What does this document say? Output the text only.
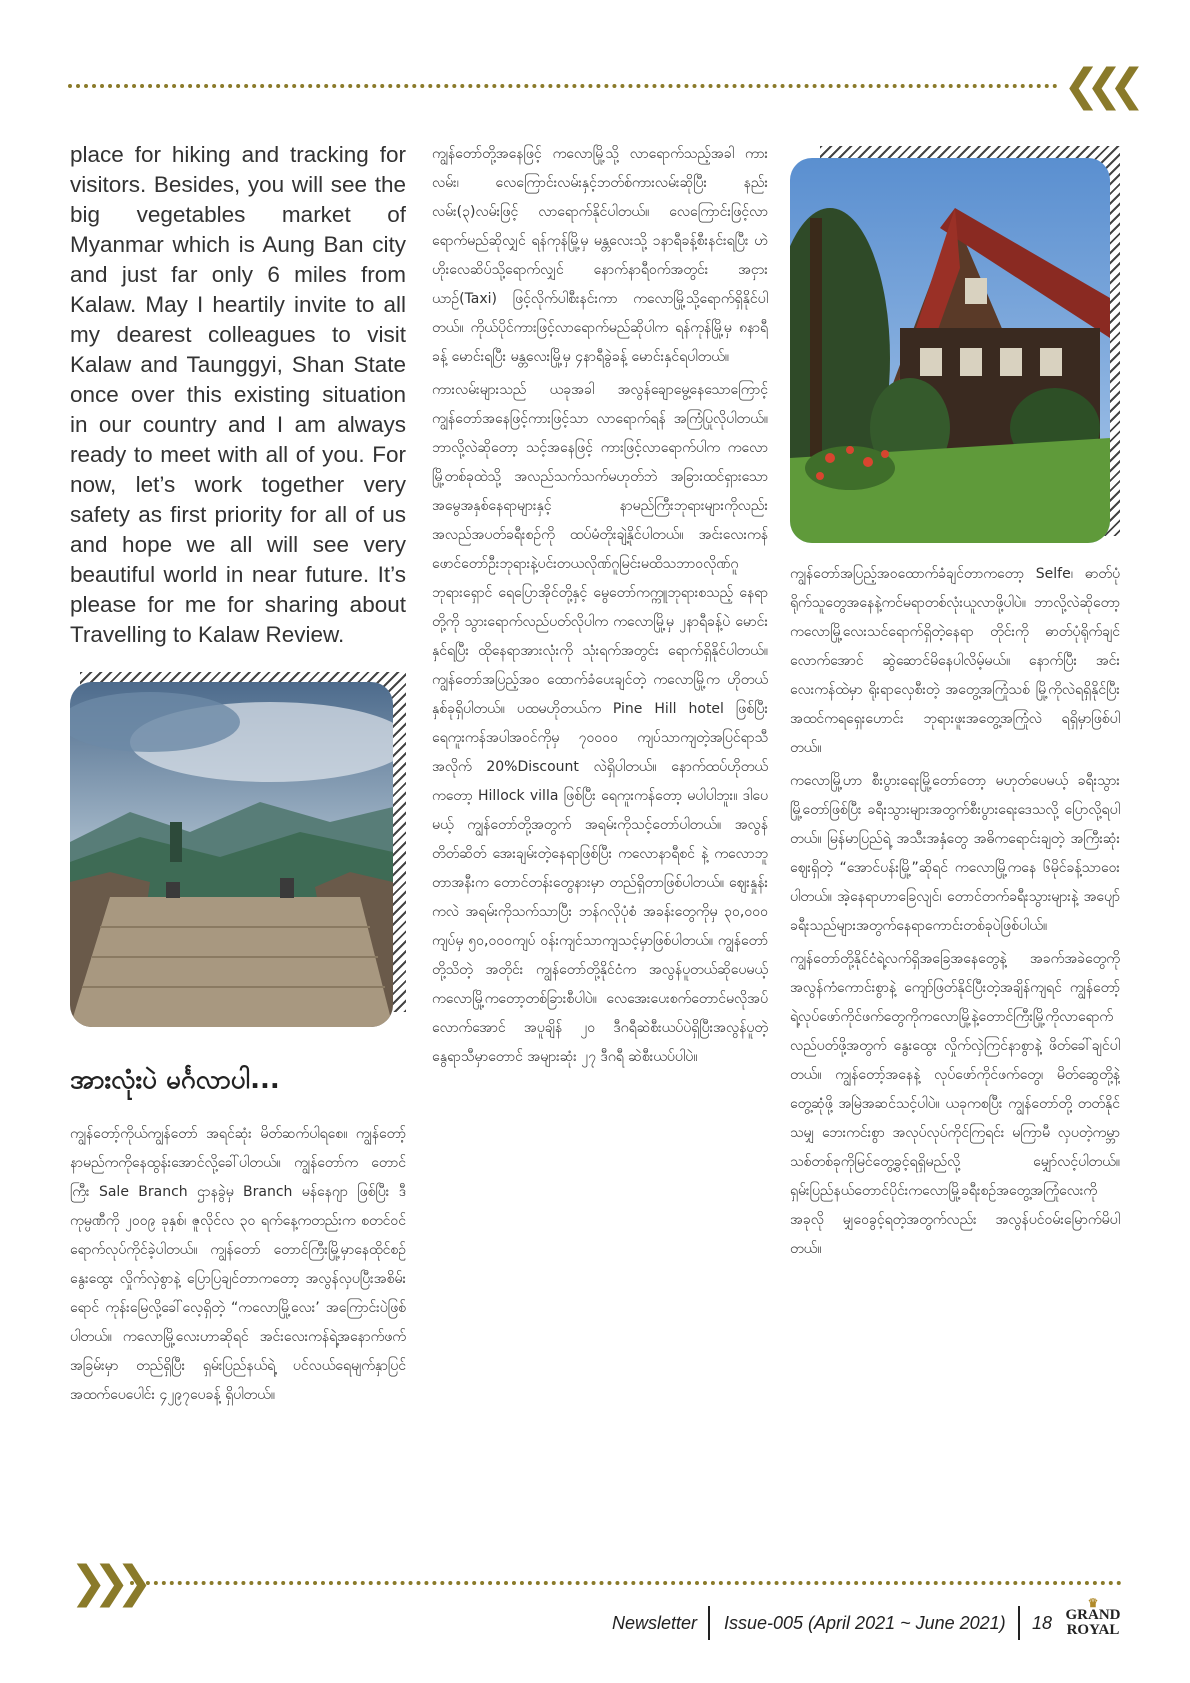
❮❮❮
place for hiking and tracking for visitors. Besides, you will see the big vegetables market of Myanmar which is Aung Ban city and just far only 6 miles from Kalaw. May I heartily invite to all my dearest colleagues to visit Kalaw and Taunggyi, Shan State once over this existing situation in our country and I am always ready to meet with all of you. For now, let’s work together very safety as first priority for all of us and hope we all will see very beautiful world in near future. It’s please for me for sharing about Travelling to Kalaw Review.
အားလုံးပဲ မင်္ဂလာပါ...
ကျွန်တော့်ကိုယ်ကျွန်တော် အရင်ဆုံး မိတ်ဆက်ပါရစေ။ ကျွန်တော့်နာမည်ကကိုနေထွန်းအောင်လို့ခေါ်ပါတယ်။ ကျွန်တော်က တောင်ကြီး Sale Branch ဌာနခွဲမှ Branch မန်နေဂျာ ဖြစ်ပြီး ဒီကုမ္ပဏီကို ၂၀၀၉ ခုနှစ်၊ ဇူလိုင်လ ၃၀ ရက်နေ့ကတည်းက စတင်ဝင်ရောက်လုပ်ကိုင်ခဲ့ပါတယ်။ ကျွန်တော် တောင်ကြီးမြို့မှာနေထိုင်စဉ် နွေးထွေး လှိုက်လှဲစွာနဲ့ ပြောပြချင်တာကတော့ အလွန်လှပပြီးအစိမ်းရောင် ကုန်းမြေလို့ခေါ်လေ့ရှိတဲ့ “ကလောမြို့လေး’ အကြောင်းပဲဖြစ်ပါတယ်။ ကလောမြို့လေးဟာဆိုရင် အင်းလေးကန်ရဲ့အနောက်ဖက်အခြမ်းမှာ တည်ရှိပြီး ရှမ်းပြည်နယ်ရဲ့ ပင်လယ်ရေမျက်နှာပြင်အထက်ပေပေါင်း ၄၂၉၇ပေခန့် ရှိပါတယ်။

ကျွန်တော်တို့အနေဖြင့် ကလောမြို့သို့ လာရောက်သည့်အခါ ကားလမ်း၊ လေကြောင်းလမ်းနှင့်ဘတ်စ်ကားလမ်းဆိုပြီး နည်းလမ်း(၃)လမ်းဖြင့် လာရောက်နိုင်ပါတယ်။ လေကြောင်းဖြင့်လာရောက်မည်ဆိုလျှင် ရန်ကုန်မြို့မှ မန္တလေးသို့ ၁နာရီခန့်စီးနင်းရပြီး ဟဲဟိုးလေဆိပ်သို့ရောက်လျှင် နောက်နာရီဝက်အတွင်း အငှားယာဉ်(Taxi) ဖြင့်လိုက်ပါစီးနင်းကာ ကလောမြို့သို့ရောက်ရှိနိုင်ပါတယ်။ ကိုယ်ပိုင်ကားဖြင့်လာရောက်မည်ဆိုပါက ရန်ကုန်မြို့မှ ၈နာရီခန့် မောင်းရပြီး မန္တလေးမြို့မှ ၄နာရီခွဲခန့် မောင်းနှင်ရပါတယ်။

ကားလမ်းများသည် ယခုအခါ အလွန်ချောမွေ့နေသောကြောင့်ကျွန်တော်အနေဖြင့်ကားဖြင့်သာ လာရောက်ရန် အကြံပြုလိုပါတယ်။ ဘာလို့လဲဆိုတော့ သင့်အနေဖြင့် ကားဖြင့်လာရောက်ပါက ကလောမြို့တစ်ခုထဲသို့ အလည်သက်သက်မဟုတ်ဘဲ အခြားထင်ရှားသောအမွေအနှစ်နေရာများနှင့် နာမည်ကြီးဘုရားများကိုလည်း အလည်အပတ်ခရီးစဉ်ကို ထပ်မံတိုးချဲ့နိုင်ပါတယ်။ အင်းလေးကန်ဖောင်တော်ဦးဘုရားနဲ့ပင်းတယလိုဏ်ဂူမြင်းမထိသဘာဝလိုဏ်ဂူဘုရားရှောင် ရေပြောအိုင်တို့နှင့် မွေတော်ကက္ကူဘုရားစသည့် နေရာတို့ကို သွားရောက်လည်ပတ်လိုပါက ကလောမြို့မှ ၂နာရီခန့်ပဲ မောင်းနှင်ရပြီး ထိုနေရာအားလုံးကို သုံးရက်အတွင်း ရောက်ရှိနိုင်ပါတယ်။ ကျွန်တော်အပြည့်အဝ ထောက်ခံပေးချင်တဲ့ ကလောမြို့က ဟိုတယ်နှစ်ခုရှိပါတယ်။ ပထမဟိုတယ်က Pine Hill hotel ဖြစ်ပြီး ရေကူးကန်အပါအဝင်ကိုမှ ၇၀၀၀၀ ကျပ်သာကျတဲ့အပြင်ရာသီအလိုက် 20%Discount လဲရှိပါတယ်။ နောက်ထပ်ဟိုတယ်ကတော့ Hillock villa ဖြစ်ပြီး ရေကူးကန်တော့ မပါပါဘူး။ ဒါပေမယ့် ကျွန်တော်တို့အတွက် အရမ်းကိုသင့်တော်ပါတယ်။ အလွန်တိတ်ဆိတ် အေးချမ်းတဲ့နေရာဖြစ်ပြီး ကလောနာရီစင် နဲ့ ကလောဘူတာအနီးက တောင်တန်းတွေနားမှာ တည်ရှိတာဖြစ်ပါတယ်။ ဈေးနှုန်းကလဲ အရမ်းကိုသက်သာပြီး ဘန်ဂလိုပုံစံ အခန်းတွေကိုမှ ၃၀,၀၀၀ ကျပ်မှ ၅၀,၀၀၀ကျပ် ဝန်းကျင်သာကျသင့်မှာဖြစ်ပါတယ်။ ကျွန်တော်တို့သိတဲ့ အတိုင်း ကျွန်တော်တို့နိုင်ငံက အလွန်ပူတယ်ဆိုပေမယ့် ကလောမြို့ကတော့တစ်ခြားစီပါပဲ။ လေအေးပေးစက်တောင်မလိုအပ်လောက်အောင် အပူချိန် ၂၀ ဒီဂရီဆဲစီးယပ်ပဲရှိပြီးအလွန်ပူတဲ့နွေရာသီမှာတောင် အများဆုံး ၂၇ ဒီဂရီ ဆဲစီးယပ်ပါပဲ။

ကျွန်တော်အပြည့်အဝထောက်ခံချင်တာကတော့ Selfe၊ ဓာတ်ပုံရိုက်သူတွေအနေနဲ့ကင်မရာတစ်လုံးယူလာဖို့ပါပဲ။ ဘာလို့လဲဆိုတော့ ကလောမြို့လေးသင်ရောက်ရှိတဲ့နေရာ တိုင်းကို ဓာတ်ပုံရိုက်ချင်လောက်အောင် ဆွဲဆောင်မိနေပါလိမ့်မယ်။ နောက်ပြီး အင်းလေးကန်ထဲမှာ ရိုးရာလှေစီးတဲ့ အတွေ့အကြုံသစ် မြို့ကိုလဲရရှိနိုင်ပြီး အထင်ကရရှေးဟောင်း ဘုရားဖူးအတွေ့အကြုံလဲ ရရှိမှာဖြစ်ပါတယ်။

ကလောမြို့ဟာ စီးပွားရေးမြို့တော်တော့ မဟုတ်ပေမယ့် ခရီးသွားမြို့တော်ဖြစ်ပြီး ခရီးသွားများအတွက်စီးပွားရေးဒေသလို့ ပြောလို့ရပါတယ်။ မြန်မာပြည်ရဲ့ အသီးအနှံတွေ အဓိကရောင်းချတဲ့ အကြီးဆုံးဈေးရှိတဲ့ “အောင်ပန်းမြို့”ဆိုရင် ကလောမြို့ကနေ ၆မိုင်ခန့်သာဝေးပါတယ်။ အဲ့နေရာဟာခြေလျင်၊ တောင်တက်ခရီးသွားများနဲ့ အပျော်ခရီးသည်များအတွက်နေရာကောင်းတစ်ခုပဲဖြစ်ပါယ်။

ကျွန်တော်တို့နိုင်ငံရဲ့လက်ရှိအခြေအနေတွေနဲ့ အခက်အခဲတွေကို အလွန်ကံကောင်းစွာနဲ့ ကျော်ဖြတ်နိုင်ပြီးတဲ့အချိန်ကျရင် ကျွန်တော့်ရဲ့လုပ်ဖော်ကိုင်ဖက်တွေကိုကလောမြို့နဲ့တောင်ကြီးမြို့ကိုလာရောက်လည်ပတ်ဖို့အတွက် နွေးထွေး လှိုက်လှဲကြင်နာစွာနဲ့ ဖိတ်ခေါ်ချင်ပါတယ်။ ကျွန်တော့်အနေနဲ့ လုပ်ဖော်ကိုင်ဖက်တွေ၊ မိတ်ဆွေတို့နဲ့တွေ့ဆုံဖို့ အမြဲအဆင်သင့်ပါပဲ။ ယခုကစပြီး ကျွန်တော်တို့ တတ်နိုင်သမျှ ဘေးကင်းစွာ အလုပ်လုပ်ကိုင်ကြရင်း မကြာမီ လှပတဲ့ကမ္ဘာသစ်တစ်ခုကိုမြင်တွေ့ခွင့်ရရှိမည်လို့ မျှော်လင့်ပါတယ်။ ရှမ်းပြည်နယ်တောင်ပိုင်းကလောမြို့ခရီးစဉ်အတွေ့အကြုံလေးကို အခုလို မျှဝေခွင့်ရတဲ့အတွက်လည်း အလွန်ပင်ဝမ်းမြောက်မိပါတယ်။

❯❯❯
Newsletter Issue-005 (April 2021 ~ June 2021) 18
♛
GRAND
ROYAL
